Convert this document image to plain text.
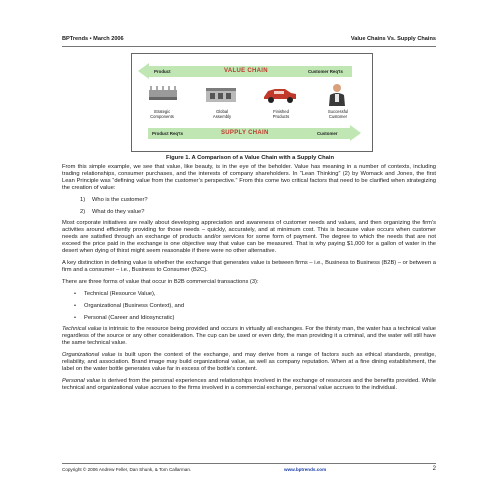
BPTrends • March 2006	Value Chains Vs. Supply Chains
Product	VALUE CHAIN	Customer Req'ts
Strategic
Components
Global
Assembly
Finished
Products
Successful
Customer
Product Req'ts	SUPPLY CHAIN	Customer
Figure 1. A Comparison of a Value Chain with a Supply Chain

From this simple example, we see that value, like beauty, is in the eye of the beholder. Value has meaning in a number of contexts, including trading relationships, consumer purchases, and the interests of company shareholders. In “Lean Thinking” (2) by Womack and Jones, the first Lean Principle was “defining value from the customer’s perspective.” From this come two critical factors that need to be clarified when strategizing the creation of value:

1) Who is the customer?
2) What do they value?

Most corporate initiatives are really about developing appreciation and awareness of customer needs and values, and then organizing the firm’s activities around efficiently providing for those needs – quickly, accurately, and at minimum cost. This is because value occurs when customer needs are satisfied through an exchange of products and/or services for some form of payment. The degree to which the needs that are not exceed the price paid in the exchange is one objective way that value can be measured. That is why paying $1,000 for a gallon of water in the desert when dying of thirst might seem reasonable if there were no other alternative.

A key distinction in defining value is whether the exchange that generates value is between firms – i.e., Business to Business (B2B) – or between a firm and a consumer – i.e., Business to Consumer (B2C).

There are three forms of value that occur in B2B commercial transactions (3):

• Technical (Resource Value),
• Organizational (Business Context), and
• Personal (Career and Idiosyncratic)

Technical value is intrinsic to the resource being provided and occurs in virtually all exchanges. For the thirsty man, the water has a technical value regardless of the source or any other consideration. The cup can be used or even dirty, the man providing it a criminal, and the water will still have the same technical value.

Organizational value is built upon the context of the exchange, and may derive from a range of factors such as ethical standards, prestige, reliability, and association. Brand image may build organizational value, as well as company reputation. When at a fine dining establishment, the label on the water bottle generates value far in excess of the bottle’s content.

Personal value is derived from the personal experiences and relationships involved in the exchange of resources and the benefits provided. While technical and organizational value accrues to the firms involved in a commercial exchange, personal value accrues to the individual.

Copyright © 2006 Andrew Feller, Dan Shunk, & Tom Callarman.	www.bptrends.com	2
